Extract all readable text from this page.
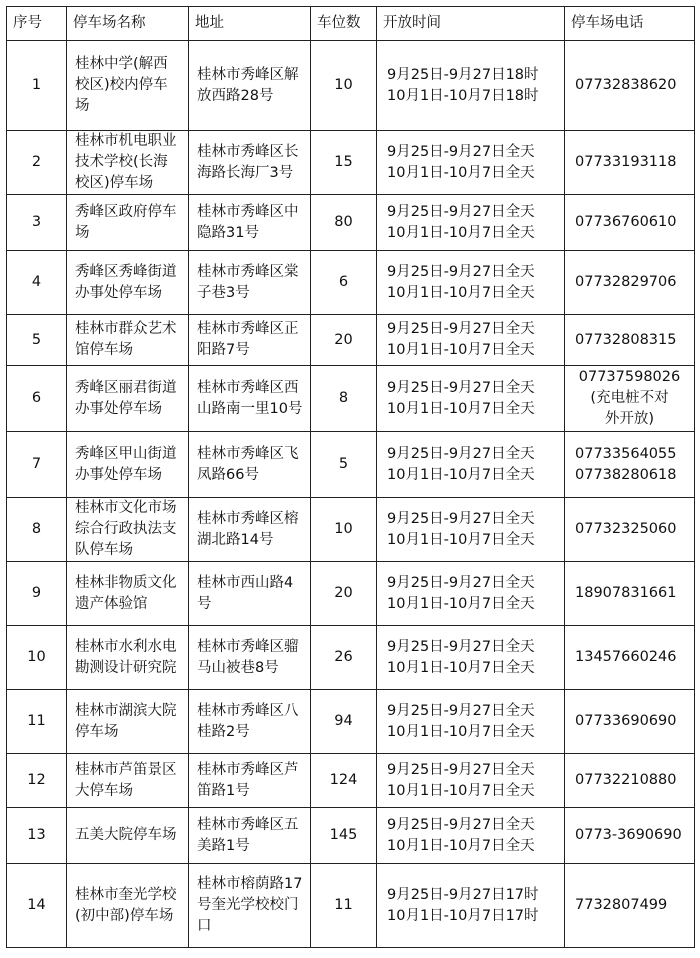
序号	停车场名称	地址	车位数	开放时间	停车场电话
1	桂林中学(解西校区)校内停车场	桂林市秀峰区解放西路28号	10	9月25日-9月27日18时
10月1日-10月7日18时	07732838620

2	桂林市机电职业技术学校(长海校区)停车场	桂林市秀峰区长海路长海厂3号	15	9月25日-9月27日全天
10月1日-10月7日全天	07733193118

3	秀峰区政府停车场	桂林市秀峰区中隐路31号	80	9月25日-9月27日全天
10月1日-10月7日全天	07736760610

4	秀峰区秀峰街道办事处停车场	桂林市秀峰区棠子巷3号	6	9月25日-9月27日全天
10月1日-10月7日全天	07732829706

5	桂林市群众艺术馆停车场	桂林市秀峰区正阳路7号	20	9月25日-9月27日全天
10月1日-10月7日全天	07732808315

6	秀峰区丽君街道办事处停车场	桂林市秀峰区西山路南一里10号	8	9月25日-9月27日全天
10月1日-10月7日全天	07737598026
(充电桩不对
外开放)

7	秀峰区甲山街道办事处停车场	桂林市秀峰区飞凤路66号	5	9月25日-9月27日全天
10月1日-10月7日全天	07733564055
07738280618

8	桂林市文化市场综合行政执法支队停车场	桂林市秀峰区榕湖北路14号	10	9月25日-9月27日全天
10月1日-10月7日全天	07732325060

9	桂林非物质文化遗产体验馆	桂林市西山路4号	20	9月25日-9月27日全天
10月1日-10月7日全天	18907831661

10	桂林市水利水电勘测设计研究院	桂林市秀峰区骝马山被巷8号	26	9月25日-9月27日全天
10月1日-10月7日全天	13457660246

11	桂林市湖滨大院停车场	桂林市秀峰区八桂路2号	94	9月25日-9月27日全天
10月1日-10月7日全天	07733690690

12	桂林市芦笛景区大停车场	桂林市秀峰区芦笛路1号	124	9月25日-9月27日全天
10月1日-10月7日全天	07732210880

13	五美大院停车场	桂林市秀峰区五美路1号	145	9月25日-9月27日全天
10月1日-10月7日全天	0773-3690690

14	桂林市奎光学校(初中部)停车场	桂林市榕荫路17号奎光学校校门口	11	9月25日-9月27日17时
10月1日-10月7日17时	7732807499
